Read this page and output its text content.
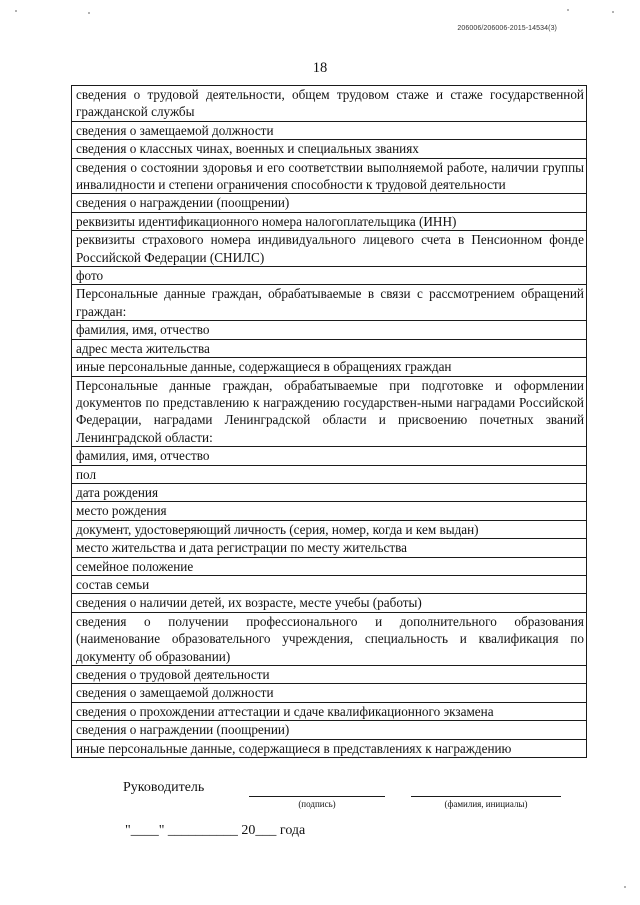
206006/206006-2015-14534(3)
18
сведения о трудовой деятельности, общем трудовом стаже и стаже государственной гражданской службы
сведения о замещаемой должности
сведения о классных чинах, военных и специальных званиях
сведения о состоянии здоровья и его соответствии выполняемой работе, наличии группы инвалидности и степени ограничения способности к трудовой деятельности
сведения о награждении (поощрении)
реквизиты идентификационного номера налогоплательщика (ИНН)
реквизиты страхового номера индивидуального лицевого счета в Пенсионном фонде Российской Федерации (СНИЛС)
фото
Персональные данные граждан, обрабатываемые в связи с рассмотрением обращений граждан:
фамилия, имя, отчество
адрес места жительства
иные персональные данные, содержащиеся в обращениях граждан
Персональные данные граждан, обрабатываемые при подготовке и оформлении документов по представлению к награждению государствен-ными наградами Российской Федерации, наградами Ленинградской области и присвоению почетных званий Ленинградской области:
фамилия, имя, отчество
пол
дата рождения
место рождения
документ, удостоверяющий личность (серия, номер, когда и кем выдан)
место жительства и дата регистрации по месту жительства
семейное положение
состав семьи
сведения о наличии детей, их возрасте, месте учебы (работы)
сведения о получении профессионального и дополнительного образования (наименование образовательного учреждения, специальность и квалификация по документу об образовании)
сведения о трудовой деятельности
сведения о замещаемой должности
сведения о прохождении аттестации и сдаче квалификационного экзамена
сведения о награждении (поощрении)
иные персональные данные, содержащиеся в представлениях к награждению
Руководитель
(подпись)	(фамилия, инициалы)
"____" __________ 20___ года
